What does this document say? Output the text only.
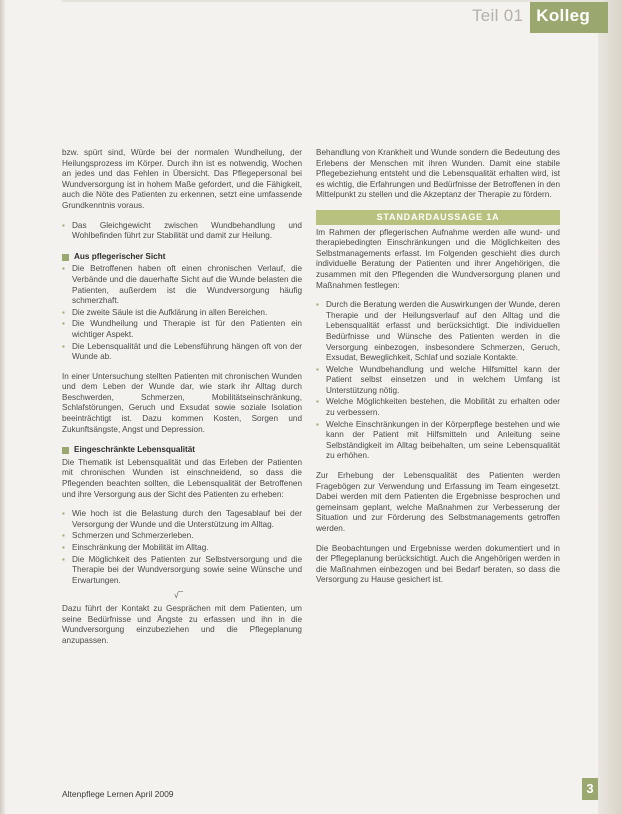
Teil 01 Kolleg

bzw. spürt sind, Würde bei der normalen Wundheilung, der Heilungsprozess im Körper. Durch ihn ist es notwendig, Wochen an jedes und das Fehlen in Übersicht. Das Pflegepersonal bei Wundversorgung ist in hohem Maße gefordert, und die Fähigkeit, auch die Nöte des Patienten zu erkennen, setzt eine umfassende Grundkenntnis voraus.

▪ Das Gleichgewicht zwischen Wundbehandlung und Wohlbefinden führt zur Stabilität und damit zur Heilung.
Aus pflegerischer Sicht
▪ Die Betroffenen haben oft einen chronischen Verlauf, die Verbände und die dauerhafte Sicht auf die Wunde belasten die Patienten, außerdem ist die Wundversorgung häufig schmerzhaft.
▪ Die zweite Säule ist die Aufklärung in allen Bereichen.
▪ Die Wundheilung und Therapie ist für den Patienten ein wichtiger Aspekt.
▪ Die Lebensqualität und die Lebensführung hängen oft von der Wunde ab.

In einer Untersuchung stellten Patienten mit chronischen Wunden und dem Leben der Wunde dar, wie stark ihr Alltag durch Beschwerden, Schmerzen, Mobilitätseinschränkung, Schlafstörungen, Geruch und Exsudat sowie soziale Isolation beeinträchtigt ist. Dazu kommen Kosten, Sorgen und Zukunftsängste, Angst und Depression.

Eingeschränkte Lebensqualität

Die Thematik ist Lebensqualität und das Erleben der Patienten mit chronischen Wunden ist einschneidend, so dass die Pflegenden beachten sollten, die Lebensqualität der Betroffenen und ihre Versorgung aus der Sicht des Patienten zu erheben:

▪ Wie hoch ist die Belastung durch den Tagesablauf bei der Versorgung der Wunde und die Unterstützung im Alltag.
▪ Schmerzen und Schmerzerleben.
▪ Einschränkung der Mobilität im Alltag.
▪ Die Möglichkeit des Patienten zur Selbstversorgung und die Therapie bei der Wundversorgung sowie seine Wünsche und Erwartungen.
√¯

Dazu führt der Kontakt zu Gesprächen mit dem Patienten, um seine Bedürfnisse und Ängste zu erfassen und ihn in die Wundversorgung einzubeziehen und die Pflegeplanung anzupassen.

Behandlung von Krankheit und Wunde sondern die Bedeutung des Erlebens der Menschen mit ihren Wunden. Damit eine stabile Pflegebeziehung entsteht und die Lebensqualität erhalten wird, ist es wichtig, die Erfahrungen und Bedürfnisse der Betroffenen in den Mittelpunkt zu stellen und die Akzeptanz der Therapie zu fördern.

STANDARDAUSSAGE 1A

Im Rahmen der pflegerischen Aufnahme werden alle wund- und therapiebedingten Einschränkungen und die Möglichkeiten des Selbstmanagements erfasst. Im Folgenden geschieht dies durch individuelle Beratung der Patienten und ihrer Angehörigen, die zusammen mit den Pflegenden die Wundversorgung planen und Maßnahmen festlegen:

▪ Durch die Beratung werden die Auswirkungen der Wunde, deren Therapie und der Heilungsverlauf auf den Alltag und die Lebensqualität erfasst und berücksichtigt. Die individuellen Bedürfnisse und Wünsche des Patienten werden in die Versorgung einbezogen, insbesondere Schmerzen, Geruch, Exsudat, Beweglichkeit, Schlaf und soziale Kontakte.
▪ Welche Wundbehandlung und welche Hilfsmittel kann der Patient selbst einsetzen und in welchem Umfang ist Unterstützung nötig.
▪ Welche Möglichkeiten bestehen, die Mobilität zu erhalten oder zu verbessern.
▪ Welche Einschränkungen in der Körperpflege bestehen und wie kann der Patient mit Hilfsmitteln und Anleitung seine Selbständigkeit im Alltag beibehalten, um seine Lebensqualität zu erhöhen.

Zur Erhebung der Lebensqualität des Patienten werden Fragebögen zur Verwendung und Erfassung im Team eingesetzt. Dabei werden mit dem Patienten die Ergebnisse besprochen und gemeinsam geplant, welche Maßnahmen zur Verbesserung der Situation und zur Förderung des Selbstmanagements getroffen werden.

Die Beobachtungen und Ergebnisse werden dokumentiert und in der Pflegeplanung berücksichtigt. Auch die Angehörigen werden in die Maßnahmen einbezogen und bei Bedarf beraten, so dass die Versorgung zu Hause gesichert ist.

Altenpflege Lernen April 2009	3
